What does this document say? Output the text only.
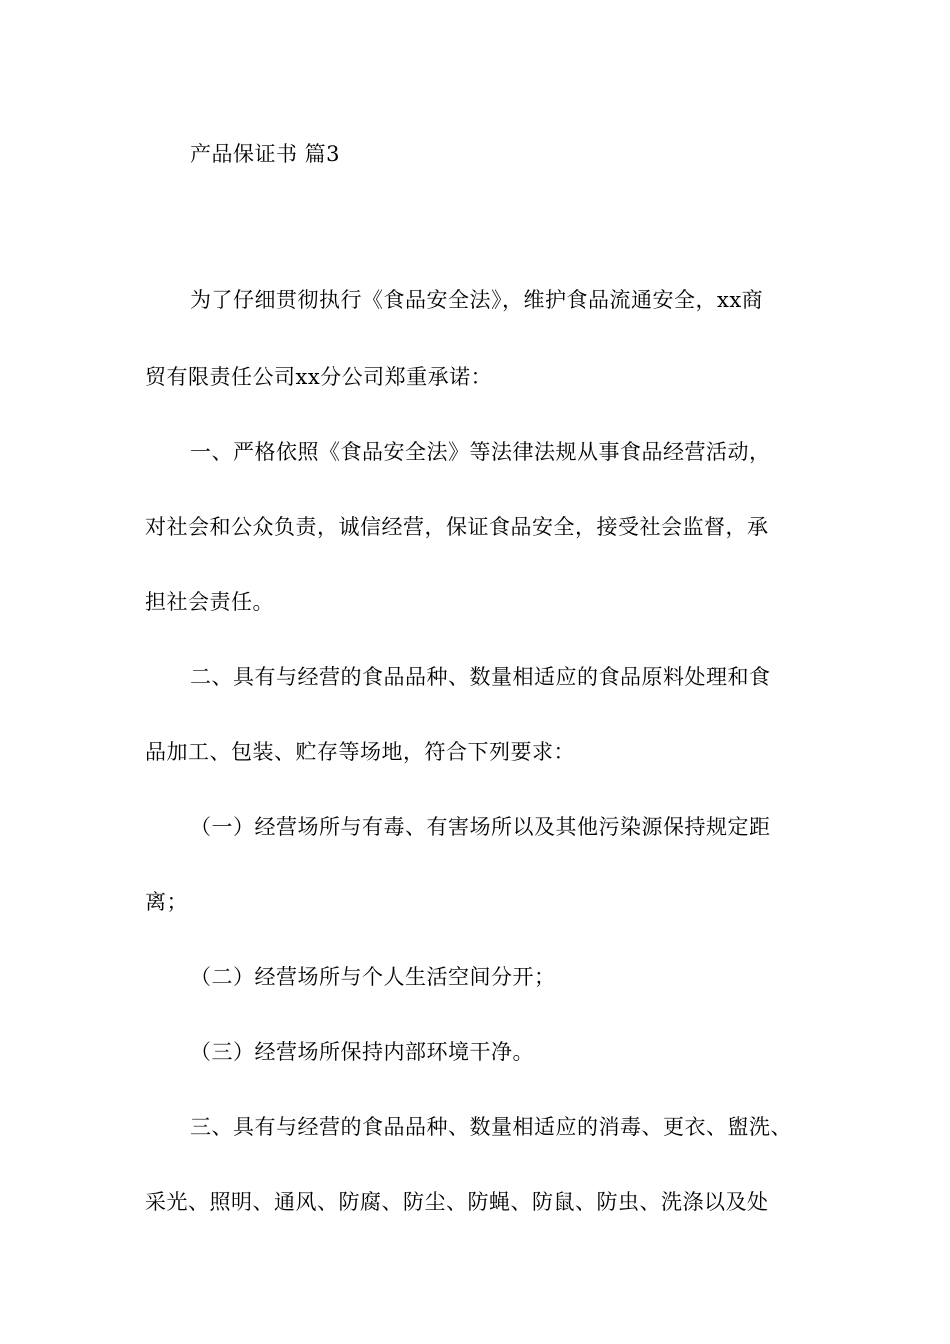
产品保证书 篇3
为了仔细贯彻执行《食品安全法》，维护食品流通安全，xx商
贸有限责任公司xx分公司郑重承诺：
一、严格依照《食品安全法》等法律法规从事食品经营活动，
对社会和公众负责，诚信经营，保证食品安全，接受社会监督，承
担社会责任。
二、具有与经营的食品品种、数量相适应的食品原料处理和食
品加工、包装、贮存等场地，符合下列要求：
（一）经营场所与有毒、有害场所以及其他污染源保持规定距
离；
（二）经营场所与个人生活空间分开；
（三）经营场所保持内部环境干净。
三、具有与经营的食品品种、数量相适应的消毒、更衣、盥洗、
采光、照明、通风、防腐、防尘、防蝇、防鼠、防虫、洗涤以及处
